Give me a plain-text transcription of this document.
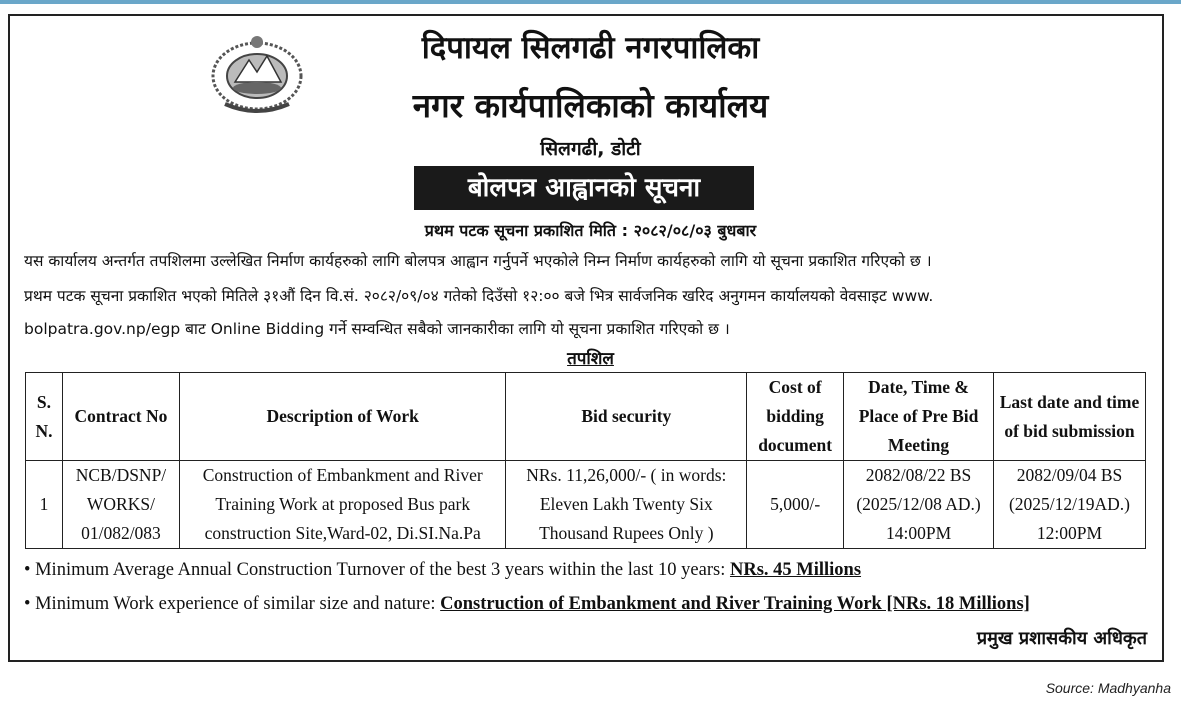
दिपायल सिलगढी नगरपालिका
नगर कार्यपालिकाको कार्यालय
सिलगढी, डोटी
बोलपत्र आह्वानको सूचना
प्रथम पटक सूचना प्रकाशित मिति : २०८२/०८/०३ बुधबार
यस कार्यालय अन्तर्गत तपशिलमा उल्लेखित निर्माण कार्यहरुको लागि बोलपत्र आह्वान गर्नुपर्ने भएकोले निम्न निर्माण कार्यहरुको लागि यो सूचना प्रकाशित गरिएको छ ।
प्रथम पटक सूचना प्रकाशित भएको मितिले ३१औं दिन वि.सं. २०८२/०९/०४ गतेको दिउँसो १२:०० बजे भित्र सार्वजनिक खरिद अनुगमन कार्यालयको वेवसाइट www.
bolpatra.gov.np/egp बाट Online Bidding गर्ने सम्वन्धित सबैको जानकारीका लागि यो सूचना प्रकाशित गरिएको छ ।
तपशिल
S. N.	Contract No	Description of Work	Bid security	Cost of bidding document	Date, Time & Place of Pre Bid Meeting	Last date and time of bid submission
1	NCB/DSNP/ WORKS/ 01/082/083	Construction of Embankment and River Training Work at proposed Bus park construction Site,Ward-02, Di.SI.Na.Pa	NRs. 11,26,000/- ( in words: Eleven Lakh Twenty Six Thousand Rupees Only )	5,000/-	2082/08/22 BS (2025/12/08 AD.) 14:00PM	2082/09/04 BS (2025/12/19AD.) 12:00PM
• Minimum Average Annual Construction Turnover of the best 3 years within the last 10 years: NRs. 45 Millions
• Minimum Work experience of similar size and nature: Construction of Embankment and River Training Work [NRs. 18 Millions]
प्रमुख प्रशासकीय अधिकृत
Source: Madhyanha
